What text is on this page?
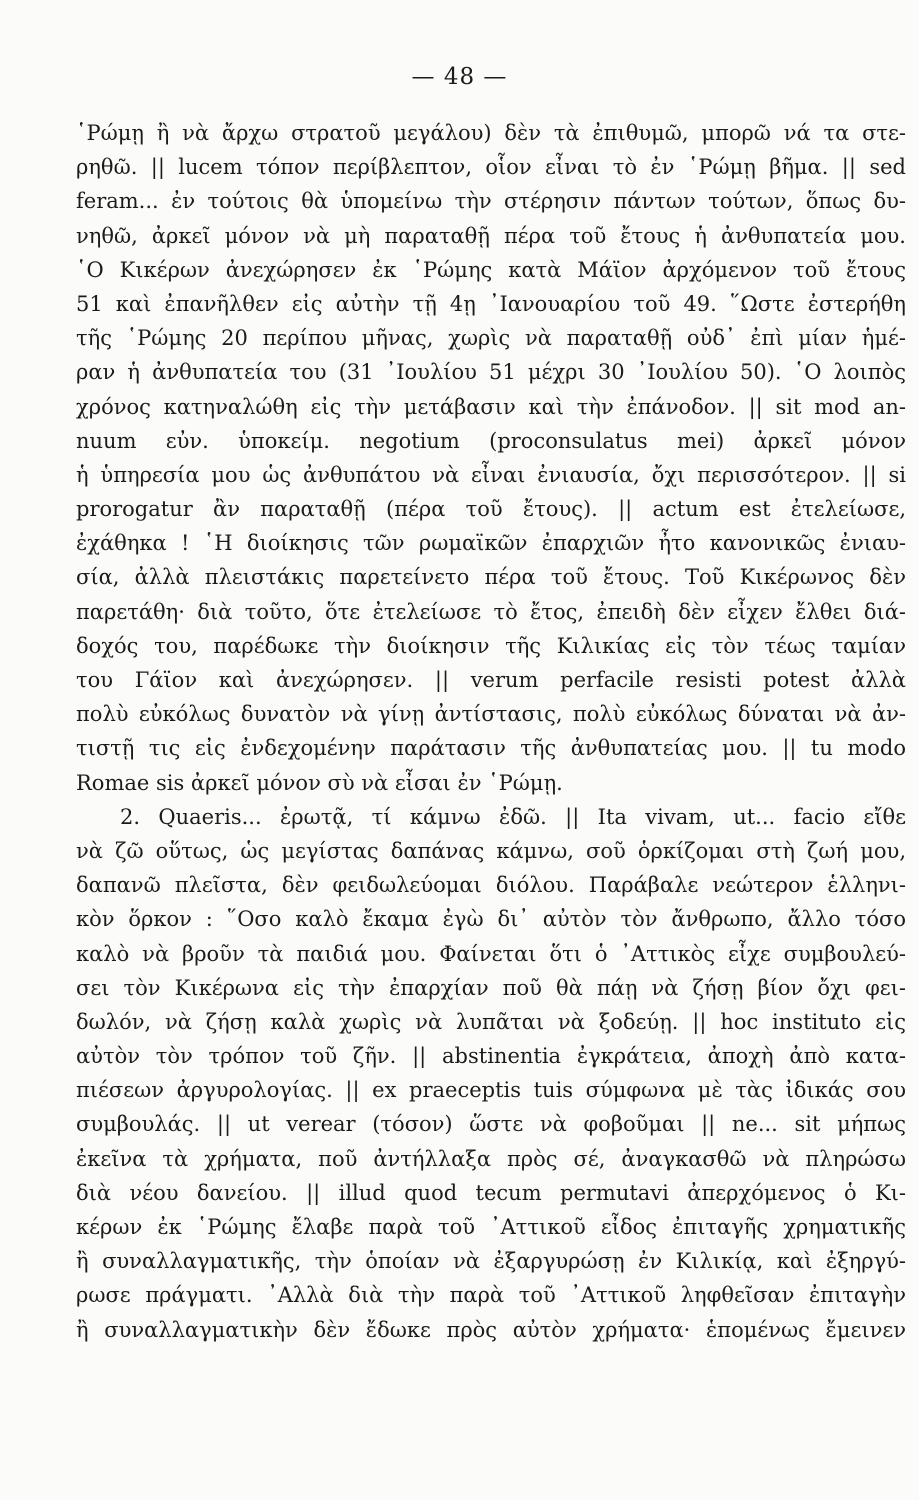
— 48 —
῾Ρώμῃ ἢ νὰ ἄρχω στρατοῦ μεγάλου) δὲν τὰ ἐπιθυμῶ, μπορῶ νά τα στε-
ρηθῶ. || lucem τόπον περίβλεπτον, οἷον εἶναι τὸ ἐν ῾Ρώμῃ βῆμα. || sed
feram... ἐν τούτοις θὰ ὑπομείνω τὴν στέρησιν πάντων τούτων, ὅπως δυ-
νηθῶ, ἀρκεῖ μόνον νὰ μὴ παραταθῇ πέρα τοῦ ἔτους ἡ ἀνθυπατεία μου.
῾Ο Κικέρων ἀνεχώρησεν ἐκ ῾Ρώμης κατὰ Μάϊον ἀρχόμενον τοῦ ἔτους
51 καὶ ἐπανῆλθεν εἰς αὐτὴν τῇ 4ῃ ᾿Ιανουαρίου τοῦ 49. ῞Ωστε ἐστερήθη
τῆς ῾Ρώμης 20 περίπου μῆνας, χωρὶς νὰ παραταθῇ οὐδ᾿ ἐπὶ μίαν ἡμέ-
ραν ἡ ἀνθυπατεία του (31 ᾿Ιουλίου 51 μέχρι 30 ᾿Ιουλίου 50). ῾Ο λοιπὸς
χρόνος κατηναλώθη εἰς τὴν μετάβασιν καὶ τὴν ἐπάνοδον. || sit mod an-
nuum εὐν. ὑποκείμ. negotium (proconsulatus mei) ἀρκεῖ μόνον
ἡ ὑπηρεσία μου ὡς ἀνθυπάτου νὰ εἶναι ἐνιαυσία, ὄχι περισσότερον. || si
prorogatur ἂν παραταθῇ (πέρα τοῦ ἔτους). || actum est ἐτελείωσε,
ἐχάθηκα ! ῾Η διοίκησις τῶν ρωμαϊκῶν ἐπαρχιῶν ἦτο κανονικῶς ἐνιαυ-
σία, ἀλλὰ πλειστάκις παρετείνετο πέρα τοῦ ἔτους. Τοῦ Κικέρωνος δὲν
παρετάθη· διὰ τοῦτο, ὅτε ἐτελείωσε τὸ ἔτος, ἐπειδὴ δὲν εἶχεν ἔλθει διά-
δοχός του, παρέδωκε τὴν διοίκησιν τῆς Κιλικίας εἰς τὸν τέως ταμίαν
του Γάϊον καὶ ἀνεχώρησεν. || verum perfacile resisti potest ἀλλὰ
πολὺ εὐκόλως δυνατὸν νὰ γίνῃ ἀντίστασις, πολὺ εὐκόλως δύναται νὰ ἀν-
τιστῇ τις εἰς ἐνδεχομένην παράτασιν τῆς ἀνθυπατείας μου. || tu modo
Romae sis ἀρκεῖ μόνον σὺ νὰ εἶσαι ἐν ῾Ρώμῃ.
2. Quaeris... ἐρωτᾷ, τί κάμνω ἐδῶ. || Ita vivam, ut... facio εἴθε
νὰ ζῶ οὕτως, ὡς μεγίστας δαπάνας κάμνω, σοῦ ὁρκίζομαι στὴ ζωή μου,
δαπανῶ πλεῖστα, δὲν φειδωλεύομαι διόλου. Παράβαλε νεώτερον ἑλληνι-
κὸν ὅρκον : ῞Οσο καλὸ ἔκαμα ἐγὼ δι᾿ αὐτὸν τὸν ἄνθρωπο, ἄλλο τόσο
καλὸ νὰ βροῦν τὰ παιδιά μου. Φαίνεται ὅτι ὁ ᾿Αττικὸς εἶχε συμβουλεύ-
σει τὸν Κικέρωνα εἰς τὴν ἐπαρχίαν ποῦ θὰ πάῃ νὰ ζήσῃ βίον ὄχι φει-
δωλόν, νὰ ζήσῃ καλὰ χωρὶς νὰ λυπᾶται νὰ ξοδεύῃ. || hoc instituto εἰς
αὐτὸν τὸν τρόπον τοῦ ζῆν. || abstinentia ἐγκράτεια, ἀποχὴ ἀπὸ κατα-
πιέσεων ἀργυρολογίας. || ex praeceptis tuis σύμφωνα μὲ τὰς ἰδικάς σου
συμβουλάς. || ut verear (τόσον) ὥστε νὰ φοβοῦμαι || ne... sit μήπως
ἐκεῖνα τὰ χρήματα, ποῦ ἀντήλλαξα πρὸς σέ, ἀναγκασθῶ νὰ πληρώσω
διὰ νέου δανείου. || illud quod tecum permutavi ἀπερχόμενος ὁ Κι-
κέρων ἐκ ῾Ρώμης ἔλαβε παρὰ τοῦ ᾿Αττικοῦ εἶδος ἐπιταγῆς χρηματικῆς
ἢ συναλλαγματικῆς, τὴν ὁποίαν νὰ ἐξαργυρώσῃ ἐν Κιλικίᾳ, καὶ ἐξηργύ-
ρωσε πράγματι. ᾿Αλλὰ διὰ τὴν παρὰ τοῦ ᾿Αττικοῦ ληφθεῖσαν ἐπιταγὴν
ἢ συναλλαγματικὴν δὲν ἔδωκε πρὸς αὐτὸν χρήματα· ἑπομένως ἔμεινεν
